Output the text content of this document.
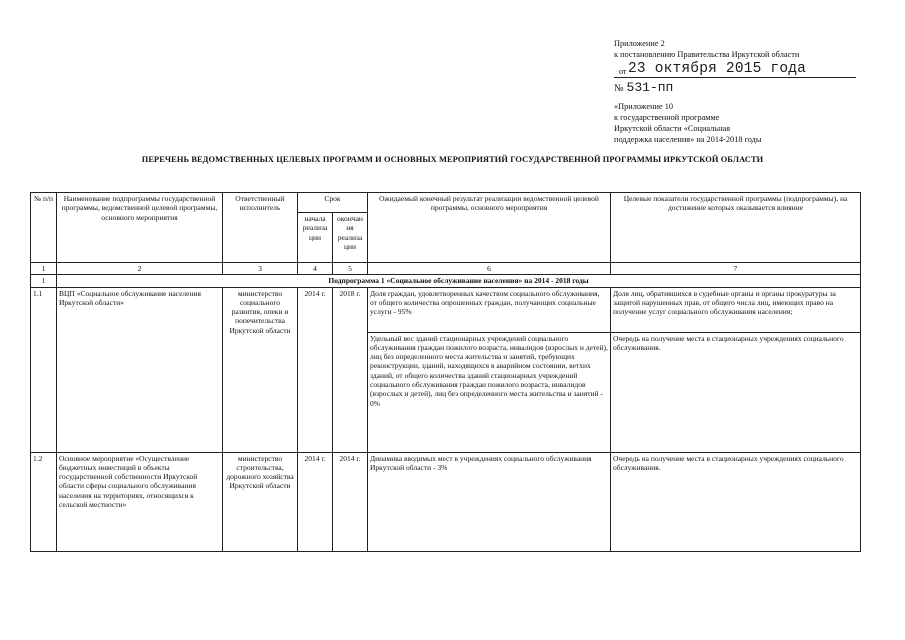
Приложение 2
к постановлению Правительства Иркутской области
от 23 октября 2015 года
№ 531-пп
«Приложение 10
к государственной программе
Иркутской области «Социальная
поддержка населения» на 2014-2018 годы
ПЕРЕЧЕНЬ ВЕДОМСТВЕННЫХ ЦЕЛЕВЫХ ПРОГРАММ И ОСНОВНЫХ МЕРОПРИЯТИЙ ГОСУДАРСТВЕННОЙ ПРОГРАММЫ ИРКУТСКОЙ ОБЛАСТИ
№ п/п	Наименование подпрограммы государственной программы, ведомственной целевой программы, основного мероприятия	Ответственный исполнитель	Срок		Ожидаемый конечный результат реализации ведомственной целевой программы, основного мероприятия	Целевые показатели государственной программы (подпрограммы), на достижение которых оказывается влияние
			начала реализа ции	окончан ия реализа ции		
1	2	3	4	5	6	7
1	Подпрограмма 1 «Социальное обслуживание населения» на 2014 - 2018 годы					
1.1	ВЦП «Социальное обслуживание населения Иркутской области»	министерство социального развития, опеки и попечительства Иркутской области	2014 г.	2018 г.	Доля граждан, удовлетворенных качеством социального обслуживания, от общего количества опрошенных граждан, получающих социальные услуги - 95%	Доля лиц, обратившихся в судебные органы и органы прокуратуры за защитой нарушенных прав, от общего числа лиц, имеющих право на получение услуг социального обслуживания населения;
					Удельный вес зданий стационарных учреждений социального обслуживания граждан пожилого возраста, инвалидов (взрослых и детей), лиц без определенного места жительства и занятий, требующих реконструкции, зданий, находящихся в аварийном состоянии, ветхих зданий, от общего количества зданий стационарных учреждений социального обслуживания граждан пожилого возраста, инвалидов (взрослых и детей), лиц без определенного места жительства и занятий - 0%	Очередь на получение места в стационарных учреждениях социального обслуживания.
1.2	Основное мероприятие «Осуществление бюджетных инвестиций в объекты государственной собственности Иркутской области сферы социального обслуживания населения на территориях, относящихся к сельской местности»	министерство строительства, дорожного хозяйства Иркутской области	2014 г.	2014 г.	Динамика вводимых мест в учреждениях социального обслуживания Иркутской области - 3%	Очередь на получение места в стационарных учреждениях социального обслуживания.
